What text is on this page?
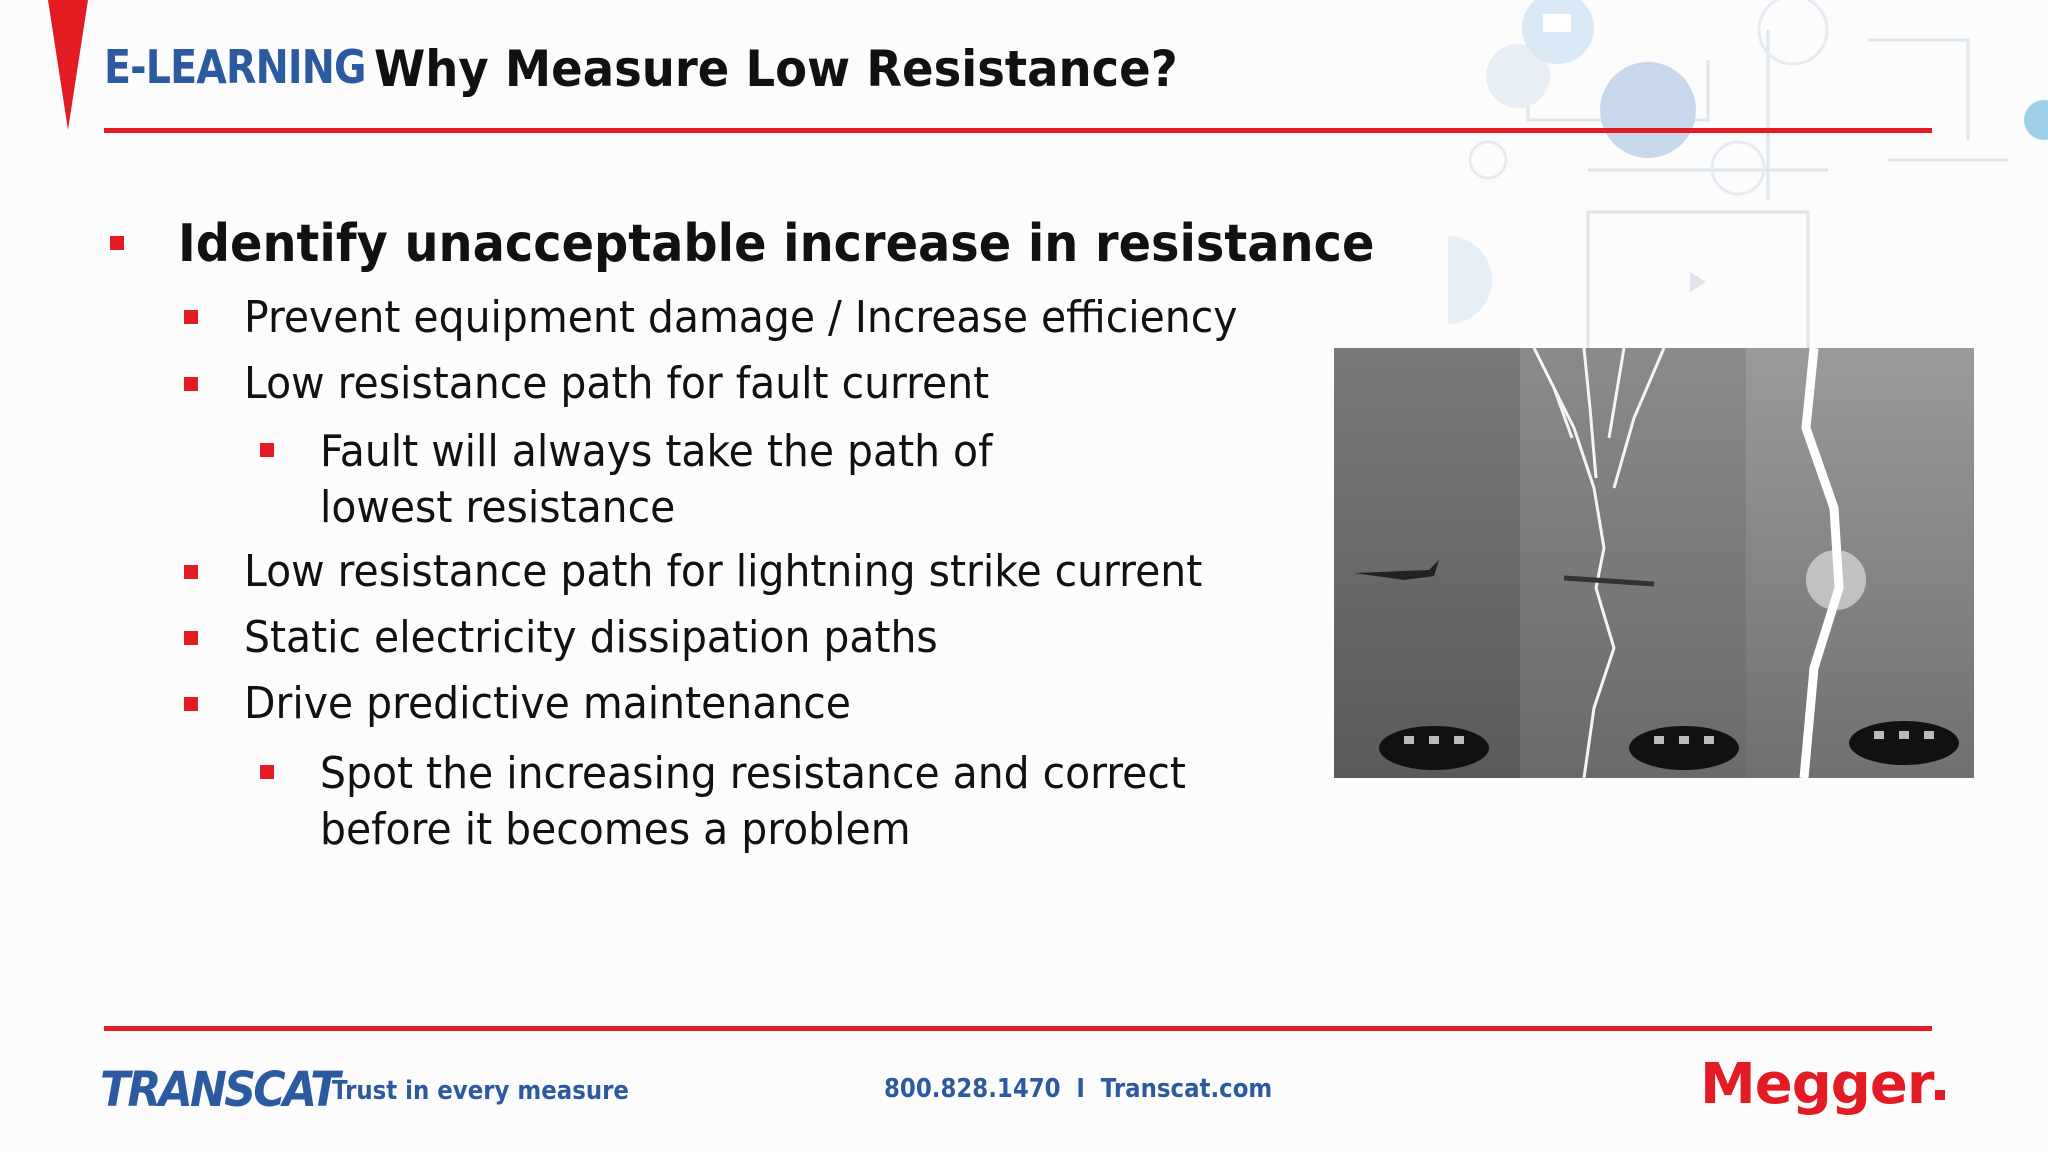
E-LEARNING Why Measure Low Resistance?
Identify unacceptable increase in resistance
Prevent equipment damage / Increase efficiency
Low resistance path for fault current
Fault will always take the path of lowest resistance
Low resistance path for lightning strike current
Static electricity dissipation paths
Drive predictive maintenance
Spot the increasing resistance and correct before it becomes a problem
TRANSCAT
Trust in every measure	800.828.1470 I Transcat.com	Megger
